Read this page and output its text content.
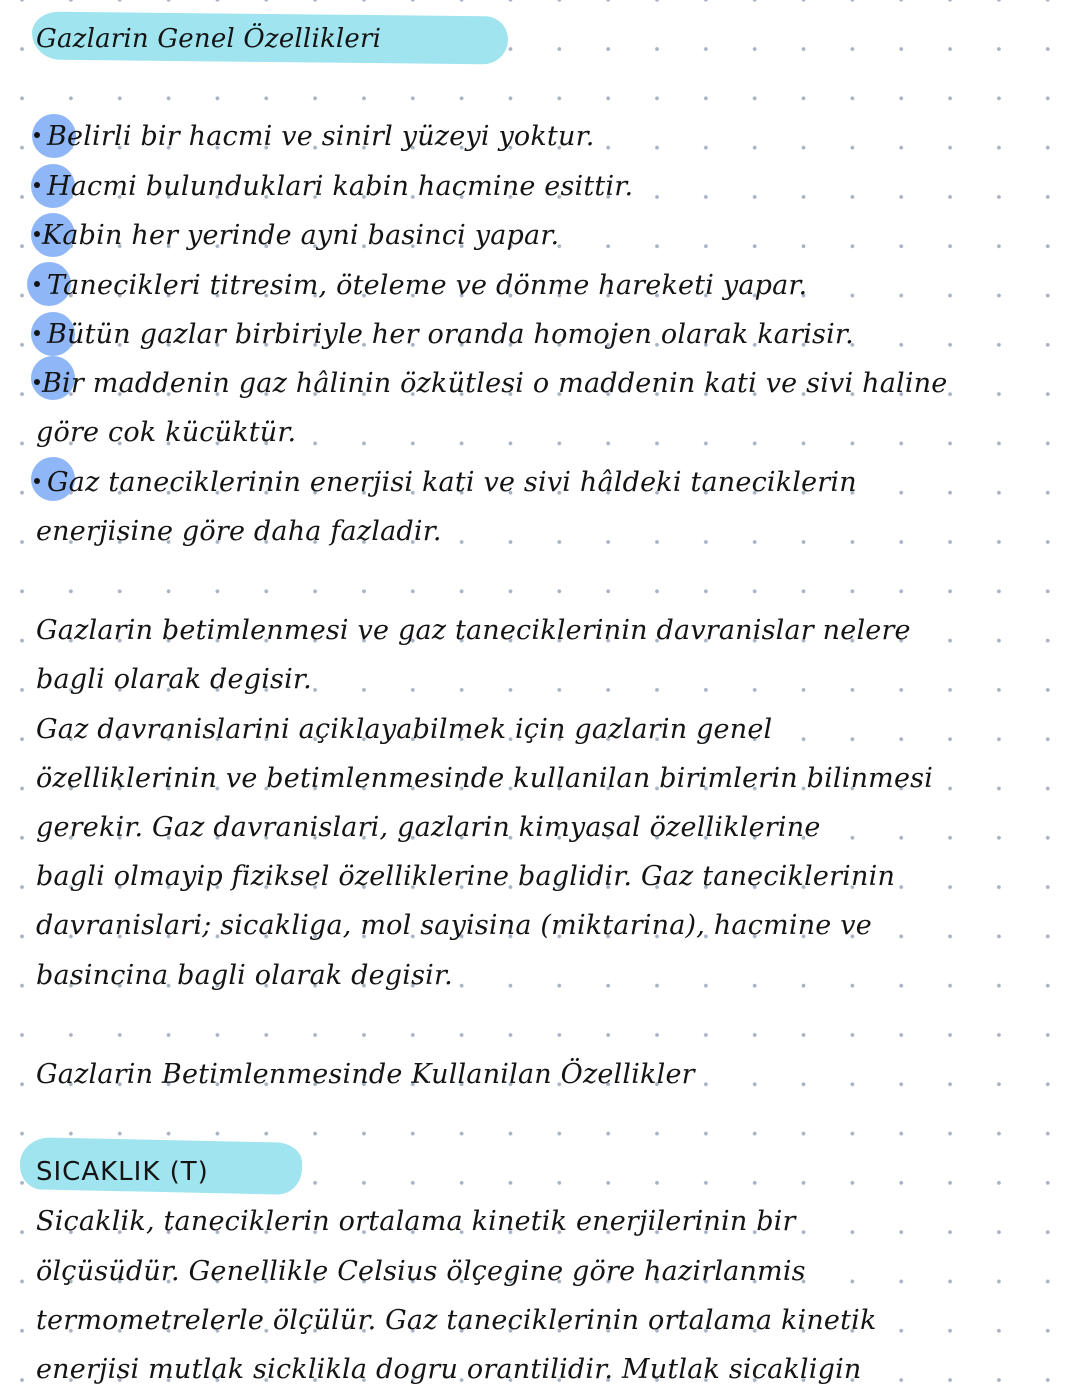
Gazlarin Genel Özellikleri
Belirli bir hacmi ve sinirl yüzeyi yoktur.
Hacmi bulunduklari kabin hacmine esittir.
Kabin her yerinde ayni basinci yapar.
Tanecikleri titresim, öteleme ve dönme hareketi yapar.
Bütün gazlar birbiriyle her oranda homojen olarak karisir.
Bir maddenin gaz hâlinin özkütlesi o maddenin kati ve sivi haline
göre cok kücüktür.
Gaz taneciklerinin enerjisi kati ve sivi hâldeki taneciklerin
enerjisine göre daha fazladir.
Gazlarin betimlenmesi ve gaz taneciklerinin davranislar nelere
bagli olarak degisir.
Gaz davranislarini açiklayabilmek için gazlarin genel
özelliklerinin ve betimlenmesinde kullanilan birimlerin bilinmesi
gerekir. Gaz davranislari, gazlarin kimyasal özelliklerine
bagli olmayip fiziksel özelliklerine baglidir. Gaz taneciklerinin
davranislari; sicakliga, mol sayisina (miktarina), hacmine ve
basincina bagli olarak degisir.
Gazlarin Betimlenmesinde Kullanilan Özellikler
SICAKLIK (T)
Sicaklik, taneciklerin ortalama kinetik enerjilerinin bir
ölçüsüdür. Genellikle Celsius ölçegine göre hazirlanmis
termometrelerle ölçülür. Gaz taneciklerinin ortalama kinetik
enerjisi mutlak sicklikla dogru orantilidir. Mutlak sicakligin
